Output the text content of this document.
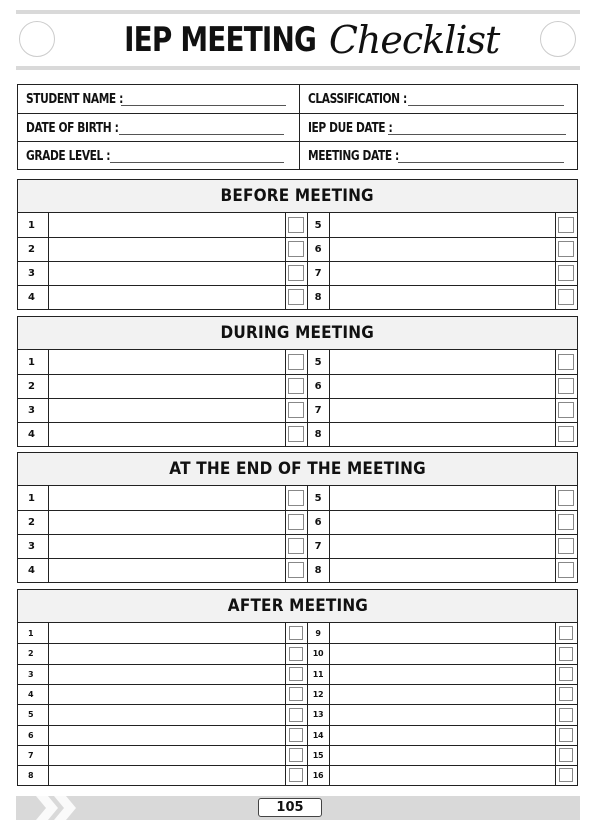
IEP MEETING Checklist
STUDENT NAME :	CLASSIFICATION :
DATE OF BIRTH :	IEP DUE DATE :
GRADE LEVEL :	MEETING DATE :
BEFORE MEETING
1	5
2	6
3	7
4	8
DURING MEETING
1	5
2	6
3	7
4	8
AT THE END OF THE MEETING
1	5
2	6
3	7
4	8
AFTER MEETING
1	9
2	10
3	11
4	12
5	13
6	14
7	15
8	16
105
